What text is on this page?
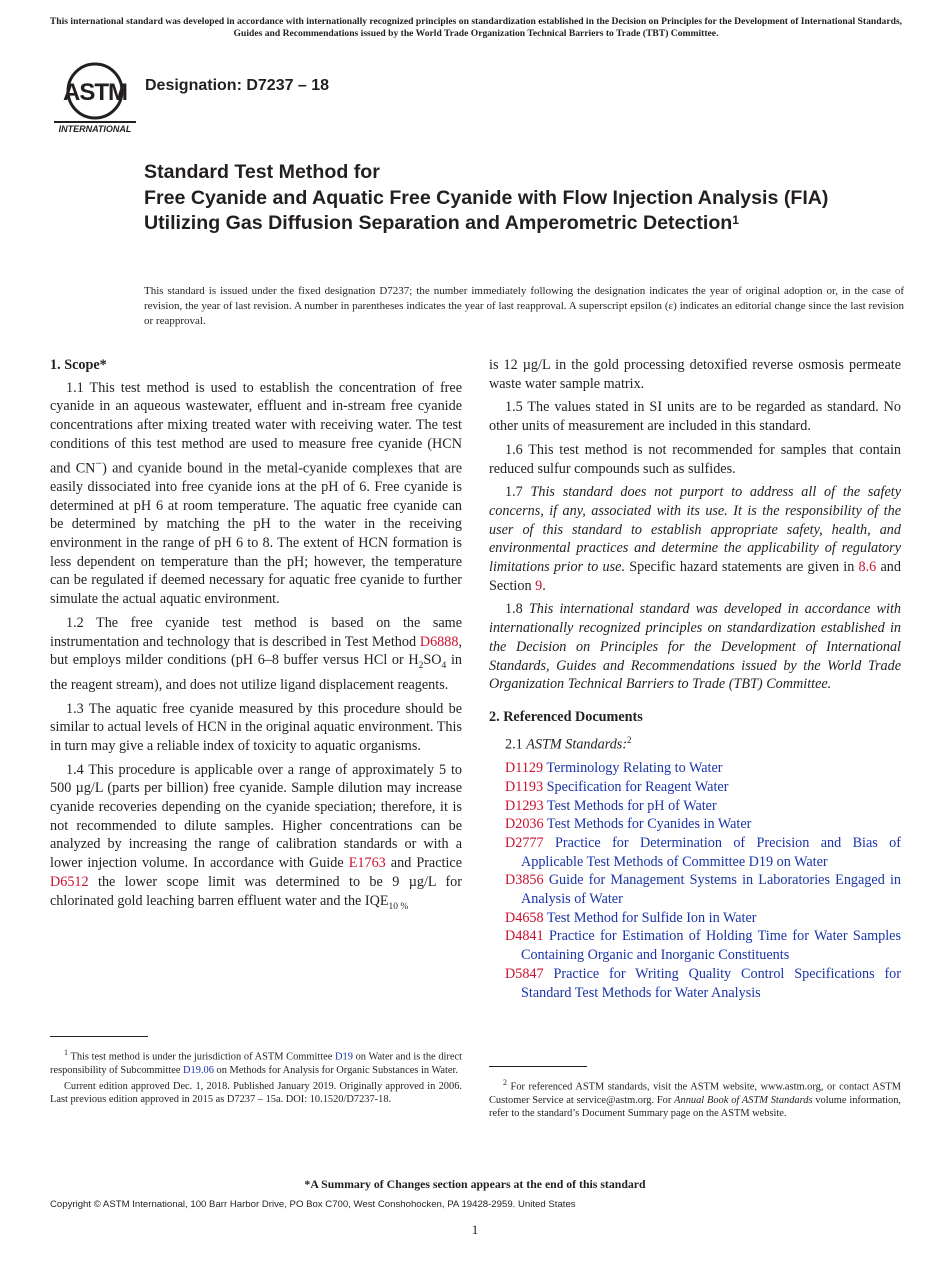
This international standard was developed in accordance with internationally recognized principles on standardization established in the Decision on Principles for the Development of International Standards, Guides and Recommendations issued by the World Trade Organization Technical Barriers to Trade (TBT) Committee.
ASTM
INTERNATIONAL
Designation: D7237 – 18
Standard Test Method for
Free Cyanide and Aquatic Free Cyanide with Flow Injection Analysis (FIA) Utilizing Gas Diffusion Separation and Amperometric Detection$^1$
This standard is issued under the fixed designation D7237; the number immediately following the designation indicates the year of original adoption or, in the case of revision, the year of last revision. A number in parentheses indicates the year of last reapproval. A superscript epsilon (ε) indicates an editorial change since the last revision or reapproval.
1. Scope*

1.1 This test method is used to establish the concentration of free cyanide in an aqueous wastewater, effluent and in-stream free cyanide concentrations after mixing treated water with receiving water. The test conditions of this test method are used to measure free cyanide (HCN and CN−) and cyanide bound in the metal-cyanide complexes that are easily dissociated into free cyanide ions at the pH of 6. Free cyanide is determined at pH 6 at room temperature. The aquatic free cyanide can be determined by matching the pH to the water in the receiving environment in the range of pH 6 to 8. The extent of HCN formation is less dependent on temperature than the pH; however, the temperature can be regulated if deemed necessary for aquatic free cyanide to further simulate the actual aquatic environment.

1.2 The free cyanide test method is based on the same instrumentation and technology that is described in Test Method D6888, but employs milder conditions (pH 6–8 buffer versus HCl or $H_2SO_4$ in the reagent stream), and does not utilize ligand displacement reagents.

1.3 The aquatic free cyanide measured by this procedure should be similar to actual levels of HCN in the original aquatic environment. This in turn may give a reliable index of toxicity to aquatic organisms.

1.4 This procedure is applicable over a range of approximately 5 to 500 µg/L (parts per billion) free cyanide. Sample dilution may increase cyanide recoveries depending on the cyanide speciation; therefore, it is not recommended to dilute samples. Higher concentrations can be analyzed by increasing the range of calibration standards or with a lower injection volume. In accordance with Guide E1763 and Practice D6512 the lower scope limit was determined to be 9 µg/L for chlorinated gold leaching barren effluent water and the $IQE_{10 \%}$

$^1$ This test method is under the jurisdiction of ASTM Committee D19 on Water and is the direct responsibility of Subcommittee D19.06 on Methods for Analysis for Organic Substances in Water.

Current edition approved Dec. 1, 2018. Published January 2019. Originally approved in 2006. Last previous edition approved in 2015 as D7237 – 15a. DOI: 10.1520/D7237-18.

is 12 µg/L in the gold processing detoxified reverse osmosis permeate waste water sample matrix.

1.5 The values stated in SI units are to be regarded as standard. No other units of measurement are included in this standard.

1.6 This test method is not recommended for samples that contain reduced sulfur compounds such as sulfides.

1.7 This standard does not purport to address all of the safety concerns, if any, associated with its use. It is the responsibility of the user of this standard to establish appropriate safety, health, and environmental practices and determine the applicability of regulatory limitations prior to use. Specific hazard statements are given in 8.6 and Section 9.

1.8 This international standard was developed in accordance with internationally recognized principles on standardization established in the Decision on Principles for the Development of International Standards, Guides and Recommendations issued by the World Trade Organization Technical Barriers to Trade (TBT) Committee.

2. Referenced Documents

2.1 ASTM Standards:$^2$

D1129 Terminology Relating to Water
D1193 Specification for Reagent Water
D1293 Test Methods for pH of Water
D2036 Test Methods for Cyanides in Water
D2777 Practice for Determination of Precision and Bias of Applicable Test Methods of Committee D19 on Water
D3856 Guide for Management Systems in Laboratories Engaged in Analysis of Water
D4658 Test Method for Sulfide Ion in Water
D4841 Practice for Estimation of Holding Time for Water Samples Containing Organic and Inorganic Constituents
D5847 Practice for Writing Quality Control Specifications for Standard Test Methods for Water Analysis

$^2$ For referenced ASTM standards, visit the ASTM website, www.astm.org, or contact ASTM Customer Service at service@astm.org. For Annual Book of ASTM Standards volume information, refer to the standard’s Document Summary page on the ASTM website.

*A Summary of Changes section appears at the end of this standard
Copyright © ASTM International, 100 Barr Harbor Drive, PO Box C700, West Conshohocken, PA 19428-2959. United States
1
